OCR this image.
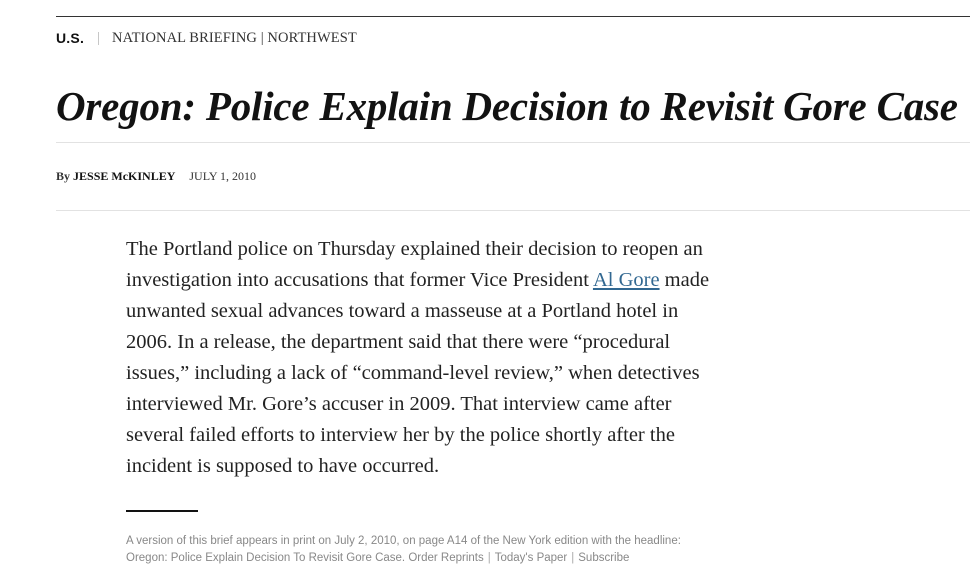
U.S. NATIONAL BRIEFING | NORTHWEST
Oregon: Police Explain Decision to Revisit Gore Case
By JESSE McKINLEY JULY 1, 2010

The Portland police on Thursday explained their decision to reopen an
investigation into accusations that former Vice President Al Gore made
unwanted sexual advances toward a masseuse at a Portland hotel in
2006. In a release, the department said that there were “procedural
issues,” including a lack of “command-level review,” when detectives
interviewed Mr. Gore’s accuser in 2009. That interview came after
several failed efforts to interview her by the police shortly after the
incident is supposed to have occurred.

A version of this brief appears in print on July 2, 2010, on page A14 of the New York edition with the headline:
Oregon: Police Explain Decision To Revisit Gore Case. Order Reprints | Today's Paper | Subscribe
